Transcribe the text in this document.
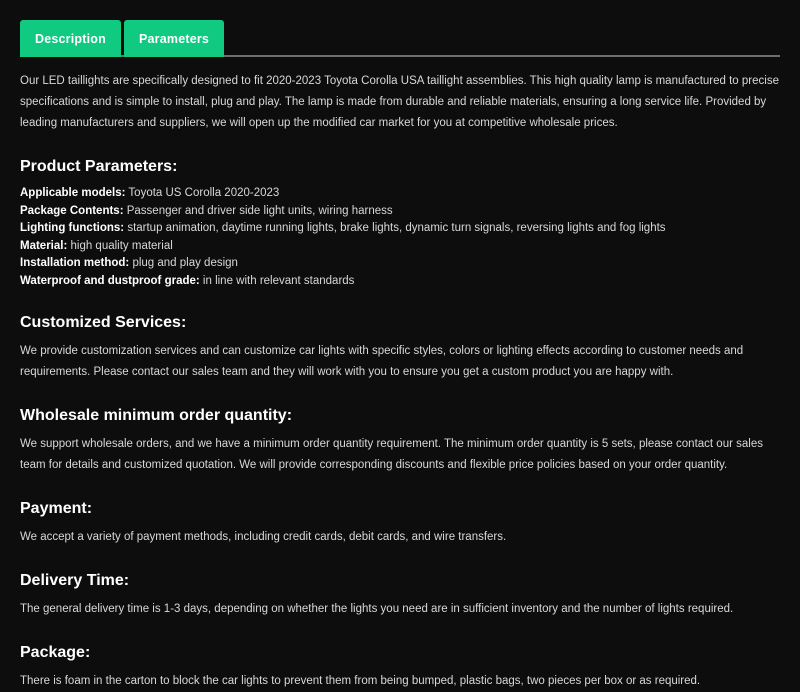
Description	Parameters

Our LED taillights are specifically designed to fit 2020-2023 Toyota Corolla USA taillight assemblies. This high quality lamp is manufactured to precise specifications and is simple to install, plug and play. The lamp is made from durable and reliable materials, ensuring a long service life. Provided by leading manufacturers and suppliers, we will open up the modified car market for you at competitive wholesale prices.

Product Parameters:

Applicable models: Toyota US Corolla 2020-2023

Package Contents: Passenger and driver side light units, wiring harness

Lighting functions: startup animation, daytime running lights, brake lights, dynamic turn signals, reversing lights and fog lights

Material: high quality material

Installation method: plug and play design

Waterproof and dustproof grade: in line with relevant standards

Customized Services:

We provide customization services and can customize car lights with specific styles, colors or lighting effects according to customer needs and requirements. Please contact our sales team and they will work with you to ensure you get a custom product you are happy with.

Wholesale minimum order quantity:

We support wholesale orders, and we have a minimum order quantity requirement. The minimum order quantity is 5 sets, please contact our sales team for details and customized quotation. We will provide corresponding discounts and flexible price policies based on your order quantity.

Payment:

We accept a variety of payment methods, including credit cards, debit cards, and wire transfers.

Delivery Time:

The general delivery time is 1-3 days, depending on whether the lights you need are in sufficient inventory and the number of lights required.

Package:

There is foam in the carton to block the car lights to prevent them from being bumped, plastic bags, two pieces per box or as required.
